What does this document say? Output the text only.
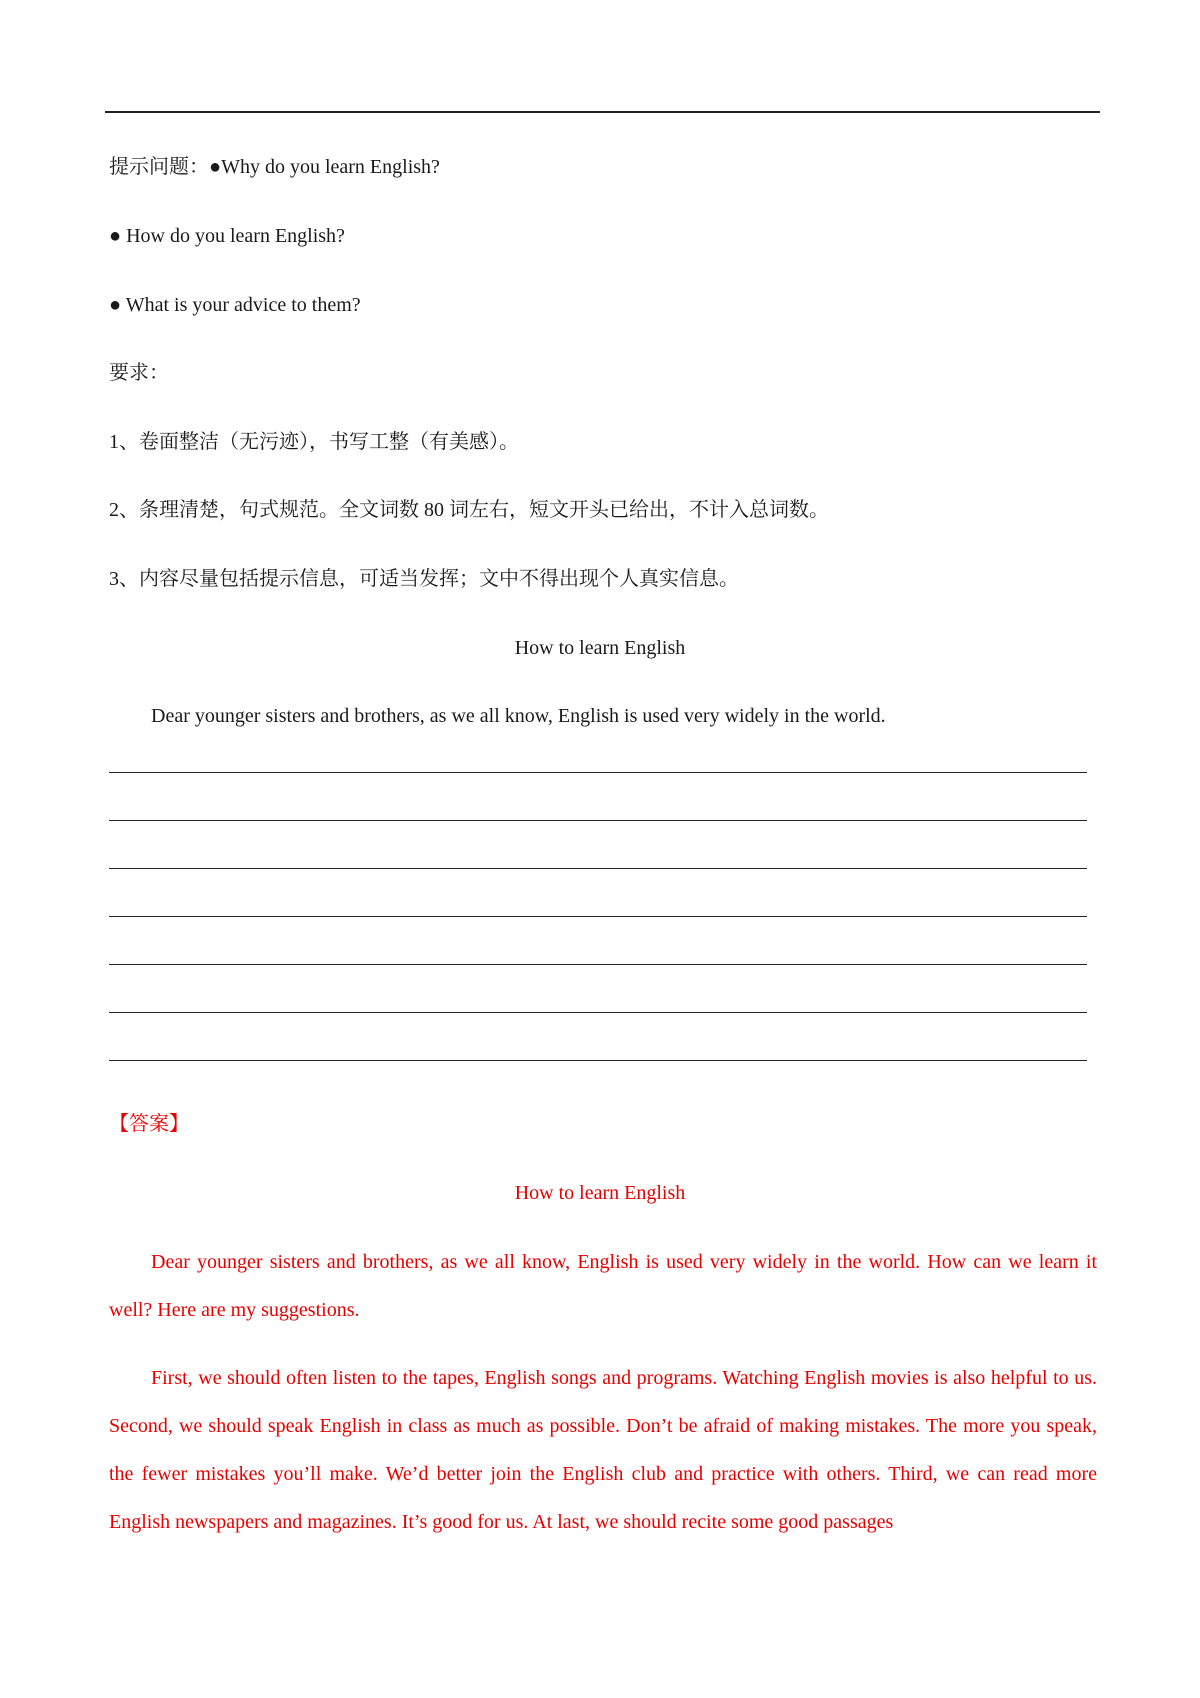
提示问题：●Why do you learn English?
● How do you learn English?
● What is your advice to them?
要求：
1、卷面整洁（无污迹），书写工整（有美感）。
2、条理清楚，句式规范。全文词数 80 词左右，短文开头已给出，不计入总词数。
3、内容尽量包括提示信息，可适当发挥；文中不得出现个人真实信息。
How to learn English
Dear younger sisters and brothers, as we all know, English is used very widely in the world.
【答案】
How to learn English
Dear younger sisters and brothers, as we all know, English is used very widely in the world. How can we learn it well? Here are my suggestions.
First, we should often listen to the tapes, English songs and programs. Watching English movies is also helpful to us. Second, we should speak English in class as much as possible. Don’t be afraid of making mistakes. The more you speak, the fewer mistakes you’ll make. We’d better join the English club and practice with others. Third, we can read more English newspapers and magazines. It’s good for us. At last, we should recite some good passages
